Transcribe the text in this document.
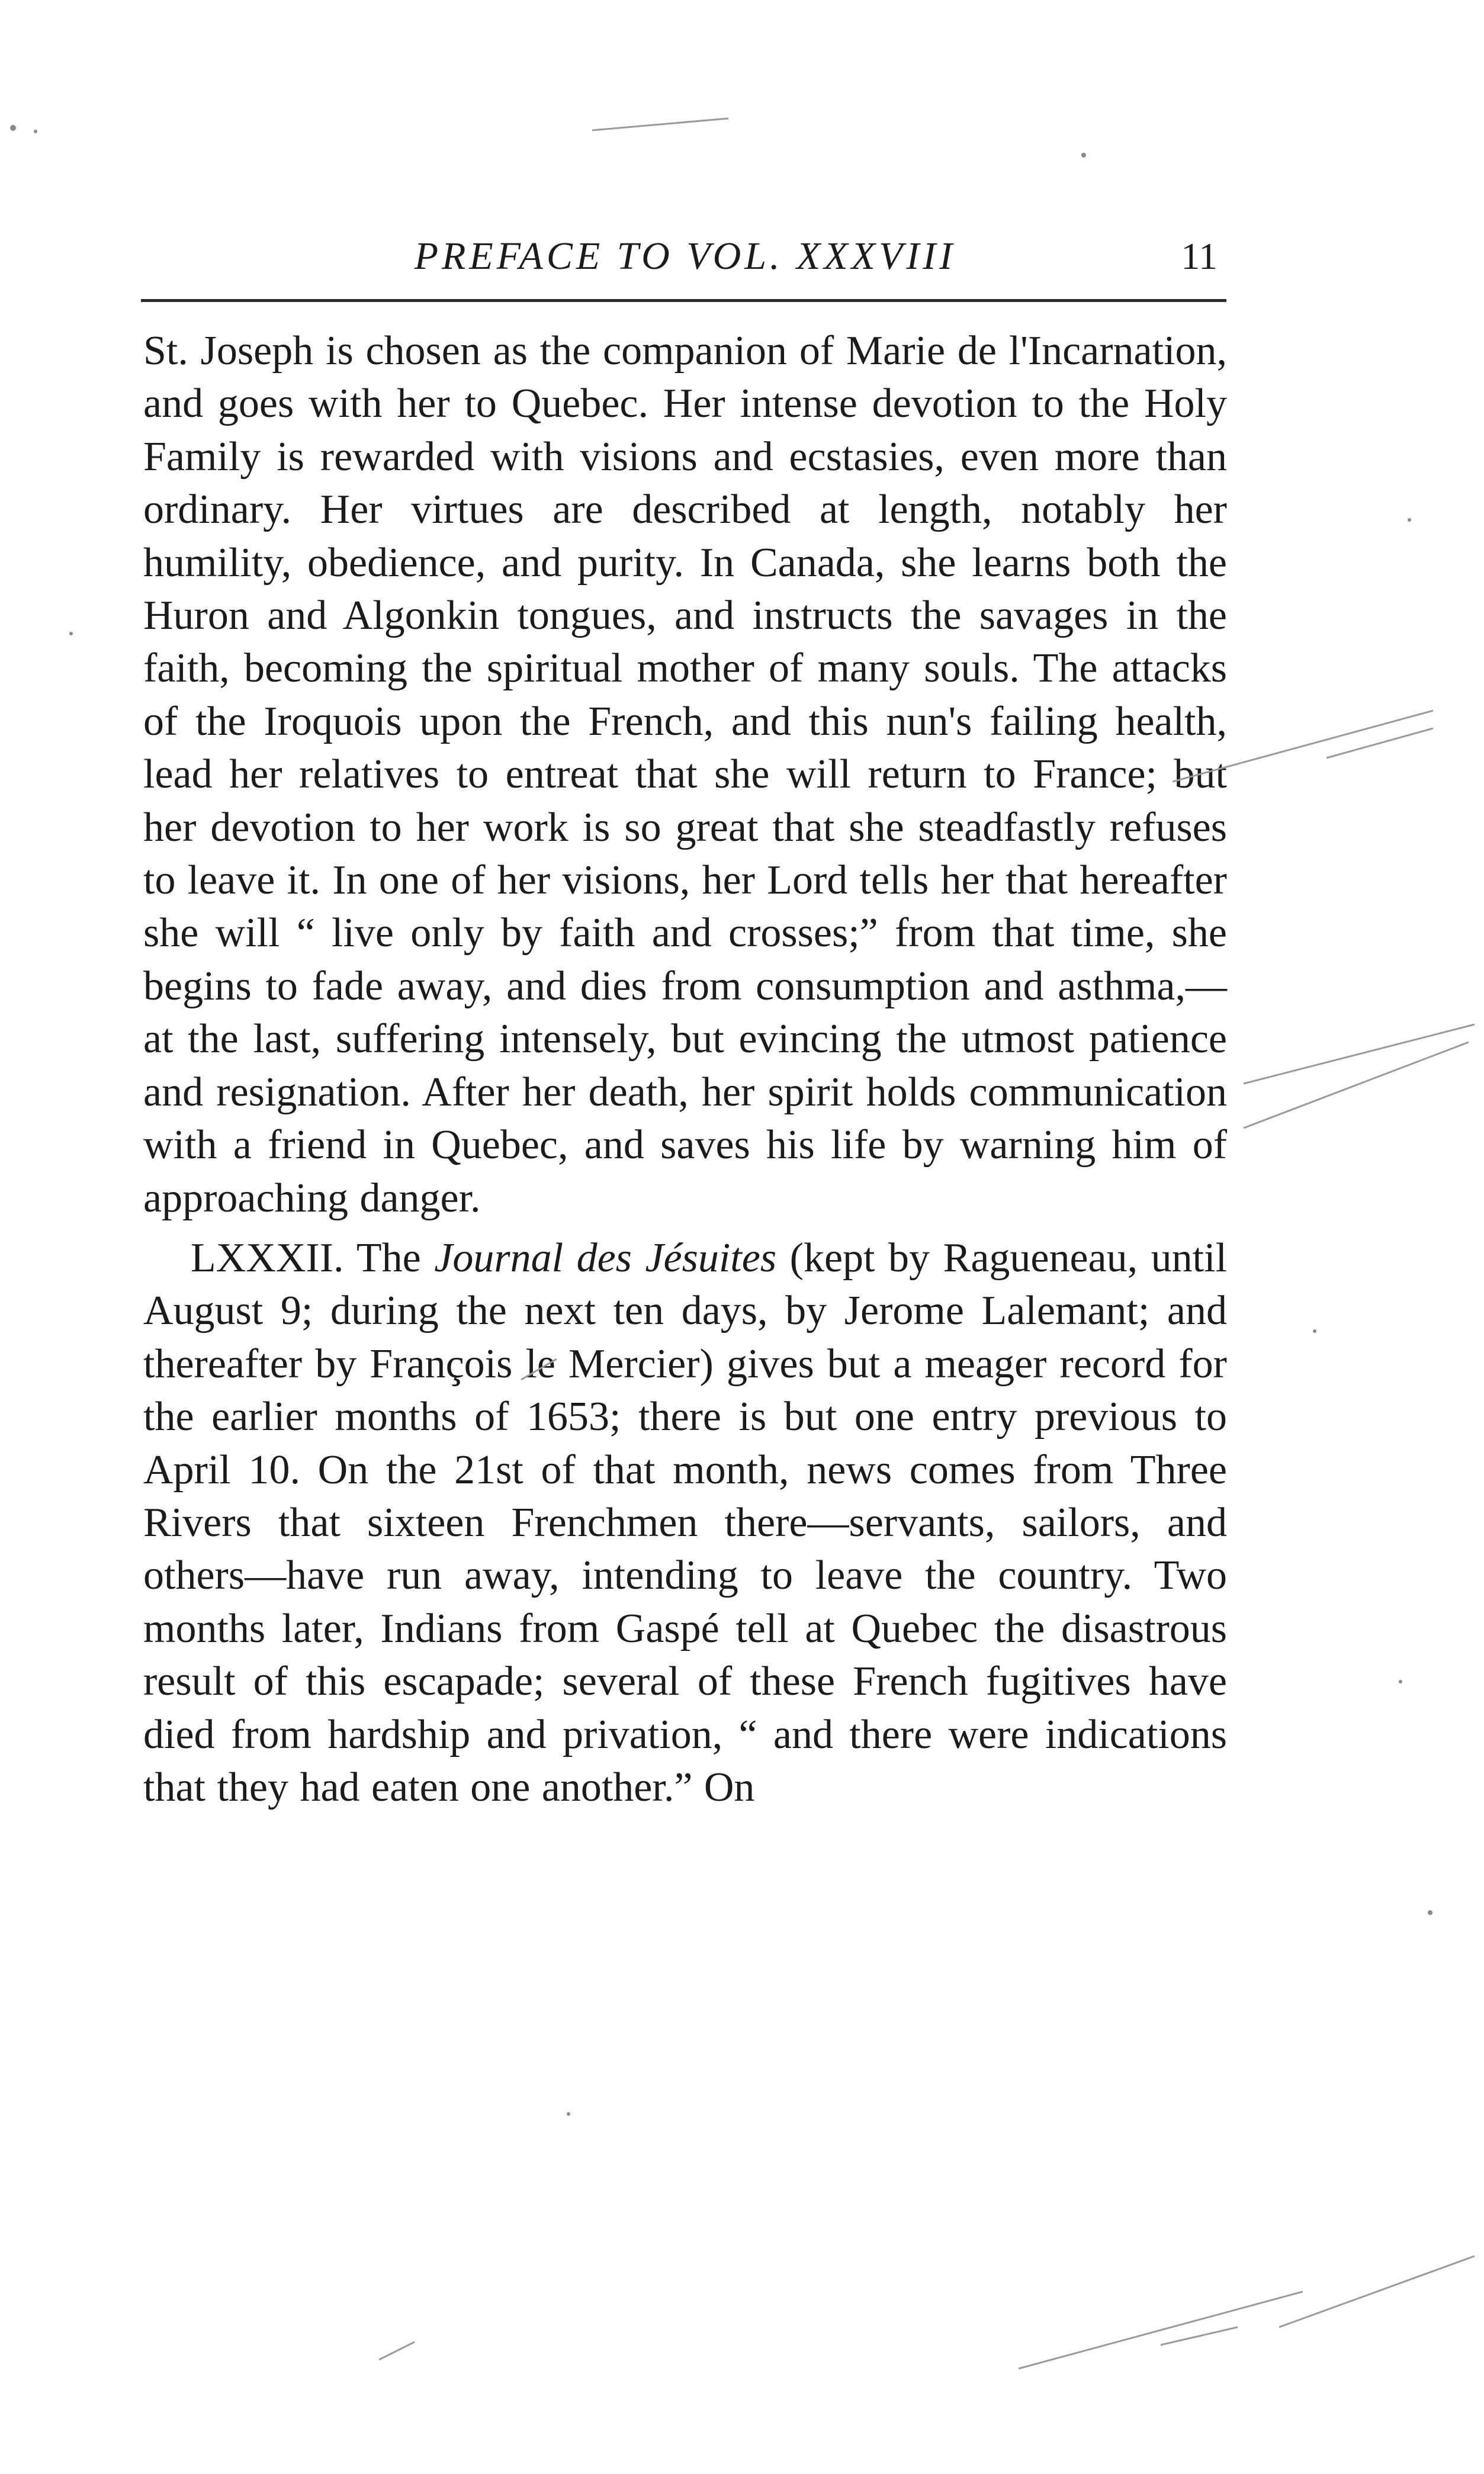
PREFACE TO VOL. XXXVIII	11

St. Joseph is chosen as the companion of Marie de l'Incarnation, and goes with her to Quebec. Her intense devotion to the Holy Family is rewarded with visions and ecstasies, even more than ordinary. Her virtues are described at length, notably her humility, obedience, and purity. In Canada, she learns both the Huron and Algonkin tongues, and instructs the savages in the faith, becoming the spiritual mother of many souls. The attacks of the Iroquois upon the French, and this nun's failing health, lead her relatives to entreat that she will return to France; but her devotion to her work is so great that she steadfastly refuses to leave it. In one of her visions, her Lord tells her that hereafter she will “ live only by faith and crosses;” from that time, she begins to fade away, and dies from consumption and asthma,— at the last, suffering intensely, but evincing the utmost patience and resignation. After her death, her spirit holds communication with a friend in Quebec, and saves his life by warning him of approaching danger.

LXXXII. The Journal des Jésuites (kept by Ragueneau, until August 9; during the next ten days, by Jerome Lalemant; and thereafter by François le Mercier) gives but a meager record for the earlier months of 1653; there is but one entry previous to April 10. On the 21st of that month, news comes from Three Rivers that sixteen Frenchmen there—servants, sailors, and others—have run away, intending to leave the country. Two months later, Indians from Gaspé tell at Quebec the disastrous result of this escapade; several of these French fugitives have died from hardship and privation, “ and there were indications that they had eaten one another.” On
